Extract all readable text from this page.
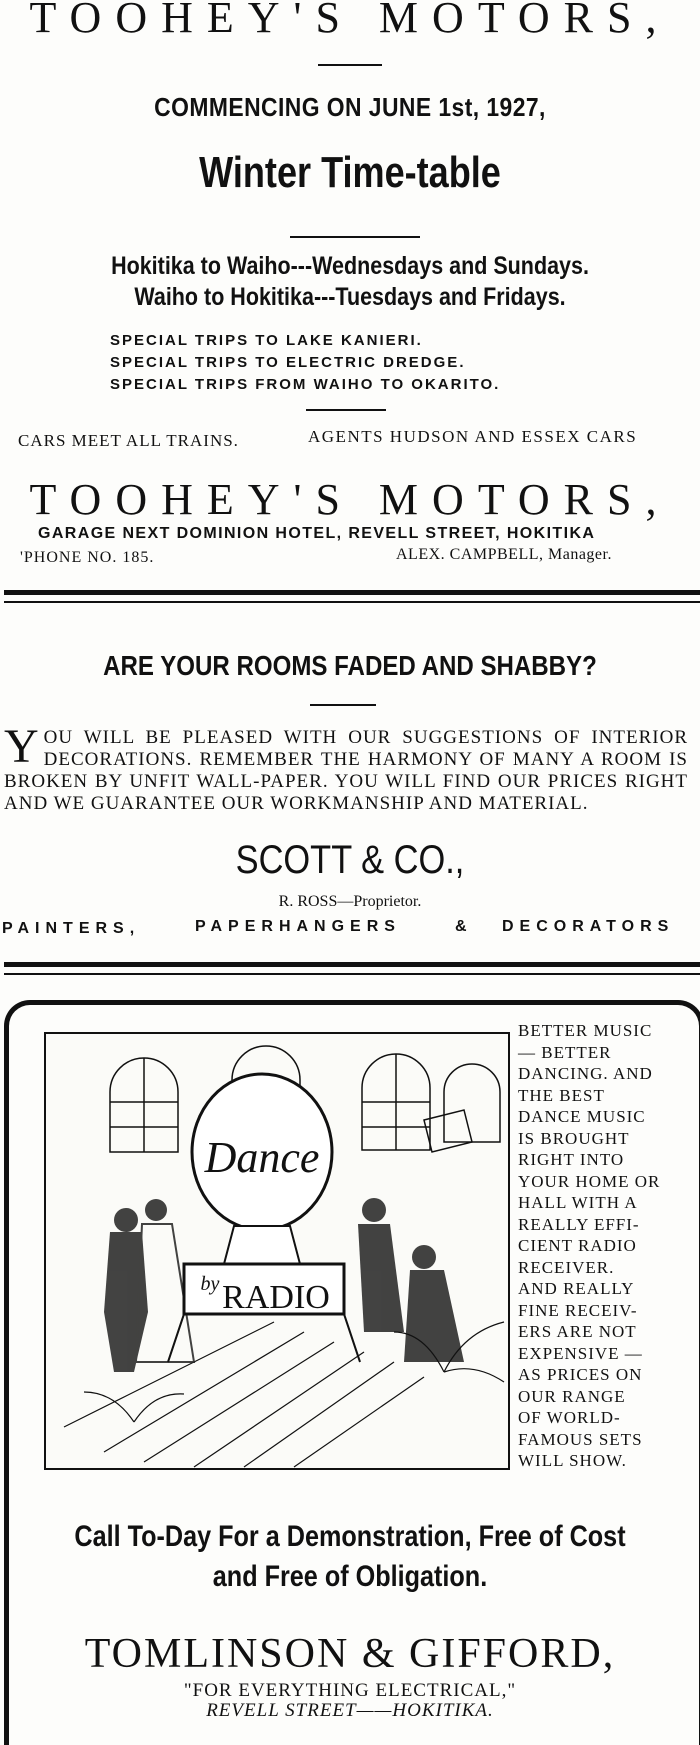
TOOHEY'S MOTORS,
COMMENCING ON JUNE 1st, 1927,
Winter Time-table
Hokitika to Waiho---Wednesdays and Sundays.
Waiho to Hokitika---Tuesdays and Fridays.
SPECIAL TRIPS TO LAKE KANIERI.
SPECIAL TRIPS TO ELECTRIC DREDGE.
SPECIAL TRIPS FROM WAIHO TO OKARITO.
CARS MEET ALL TRAINS.	AGENTS HUDSON AND ESSEX CARS
TOOHEY'S MOTORS,
GARAGE NEXT DOMINION HOTEL, REVELL STREET, HOKITIKA
'PHONE NO. 185.	ALEX. CAMPBELL, Manager.
ARE YOUR ROOMS FADED AND SHABBY?
YOU WILL BE PLEASED WITH OUR SUGGESTIONS OF INTERIOR DECORATIONS. REMEMBER THE HARMONY OF MANY A ROOM IS BROKEN BY UNFIT WALL-PAPER. YOU WILL FIND OUR PRICES RIGHT AND WE GUARANTEE OUR WORKMANSHIP AND MATERIAL.
SCOTT & CO.,
R. ROSS—Proprietor.
PAINTERS,	PAPERHANGERS	& DECORATORS
Dance
by RADIO
BETTER MUSIC
— BETTER
DANCING. AND
THE BEST
DANCE MUSIC
IS BROUGHT
RIGHT INTO
YOUR HOME OR
HALL WITH A
REALLY EFFI-
CIENT RADIO
RECEIVER.
AND REALLY
FINE RECEIV-
ERS ARE NOT
EXPENSIVE —
AS PRICES ON
OUR RANGE
OF WORLD-
FAMOUS SETS
WILL SHOW.
Call To-Day For a Demonstration, Free of Cost
and Free of Obligation.
TOMLINSON & GIFFORD,
"FOR EVERYTHING ELECTRICAL,"
REVELL STREET——HOKITIKA.
